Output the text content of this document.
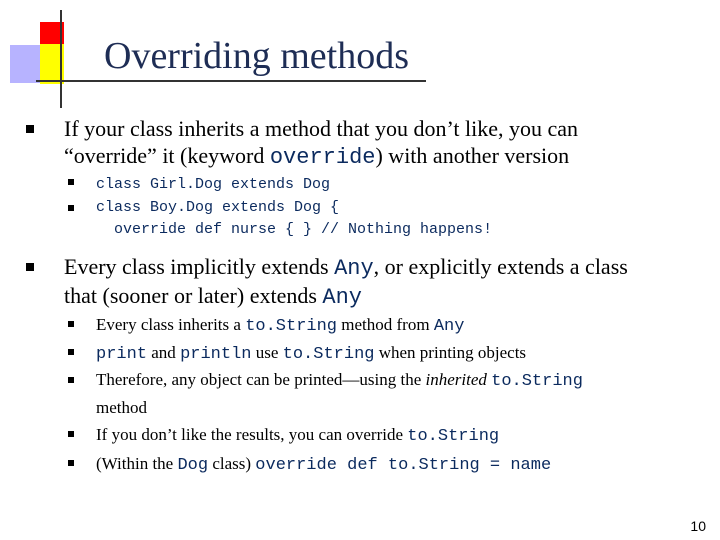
Overriding methods
If your class inherits a method that you don’t like, you can
“override” it (keyword override) with another version
class Girl.Dog extends Dog
class Boy.Dog extends Dog {
override def nurse { } // Nothing happens!
Every class implicitly extends Any, or explicitly extends a class
that (sooner or later) extends Any
Every class inherits a to.String method from Any
print and println use to.String when printing objects
Therefore, any object can be printed—using the inherited to.String
method
If you don’t like the results, you can override to.String
(Within the Dog class) override def to.String = name
10
